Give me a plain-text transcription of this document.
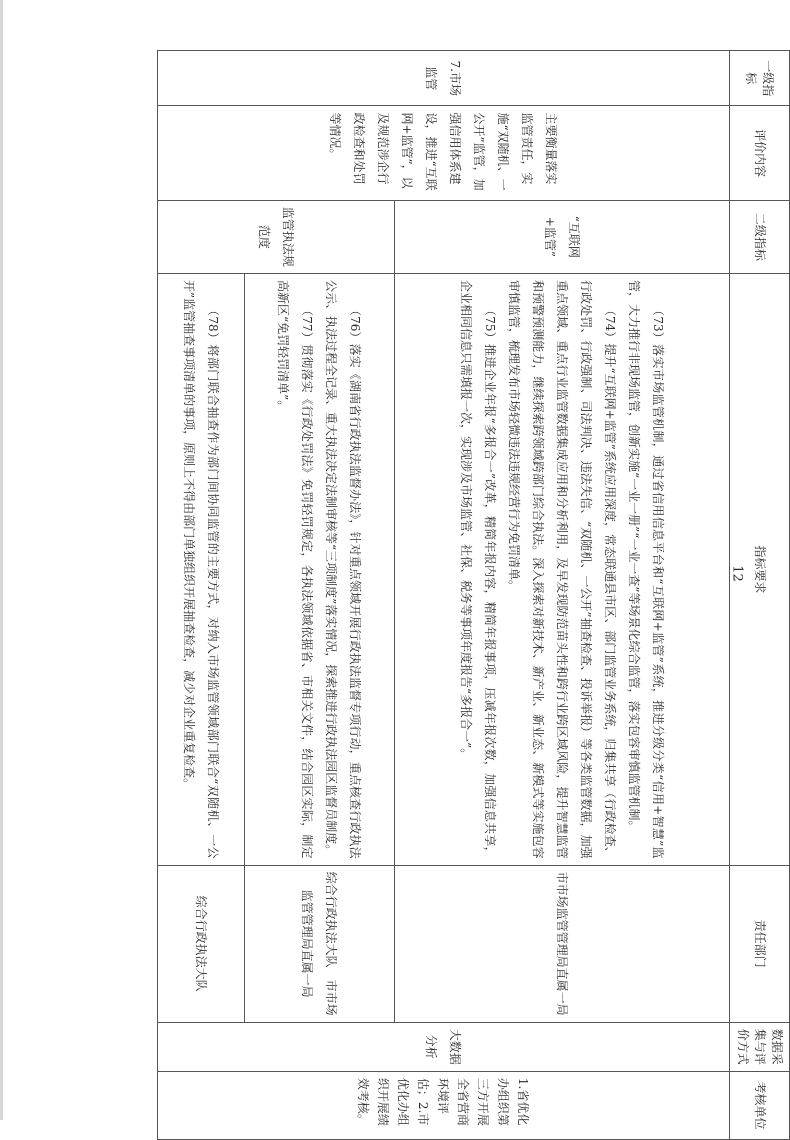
一级指标	评价内容	二级指标	指标要求	责任部门	数据采集与评价方式	考核单位
7.市场监管	主要衡量落实监管责任，实施“双随机、一公开”监管，加强信用体系建设，推进“互联网+监管”，以及规范涉企行政检查和处罚等情况。	“互联网+监管”	（73）落实市场监管机制，通过省信用信息平台和“互联网+监管”系统，推进分级分类“信用+智慧”监管，大力推行非现场监管，创新实施“一业一册”“一业一查”等场景化综合监管，落实包容审慎监管机制。

（74）提升“互联网+监管”系统应用深度，常态联通县市区、部门监管业务系统，归集共享（行政检查、行政处罚、行政强制、司法判决、违法失信、“双随机、一公开”抽查检查、投诉举报）等各类监管数据，加强重点领域、重点行业监管数据集成应用和分析利用，及早发现防范苗头性和跨行业跨区域风险，提升智慧监管和预警预测能力，继续探索跨领域跨部门综合执法。深入探索对新技术、新产业、新业态、新模式等实施包容审慎监管，梳理发布市场轻微违法违规经营行为免罚清单。

（75）推进企业年报“多报合一”改革，精简年报内容，精简年报事项，压减年报次数，加强信息共享，企业相同信息只需填报一次，实现涉及市场监管、社保、税务等事项年度报告“多报合一”。	市市场监管管理局直属一局	大数据分析	1.省优化办组织第三方开展全省营商环境评估；2.市优化办组织开展绩效考核。
		监管执法规范度	（76）落实《湖南省行政执法监督办法》，针对重点领域开展行政执法监督专项行动，重点核查行政执法公示、执法过程全记录、重大执法决定法制审核等“三项制度”落实情况，探索推进行政执法园区监督员制度。

（77）贯彻落实《行政处罚法》免罚轻罚规定，各执法领域依据省、市相关文件，结合园区实际，制定高新区“免罚轻罚清单”。	综合行政执法大队　市市场监管管理局直属一局		

			（78）将部门联合抽查作为部门间协同监管的主要方式，对纳入市场监管领域部门联合“双随机、一公开”监管抽查事项清单的事项，原则上不得由部门单独组织开展抽查检查，减少对企业重复检查。	综合行政执法大队		
12
